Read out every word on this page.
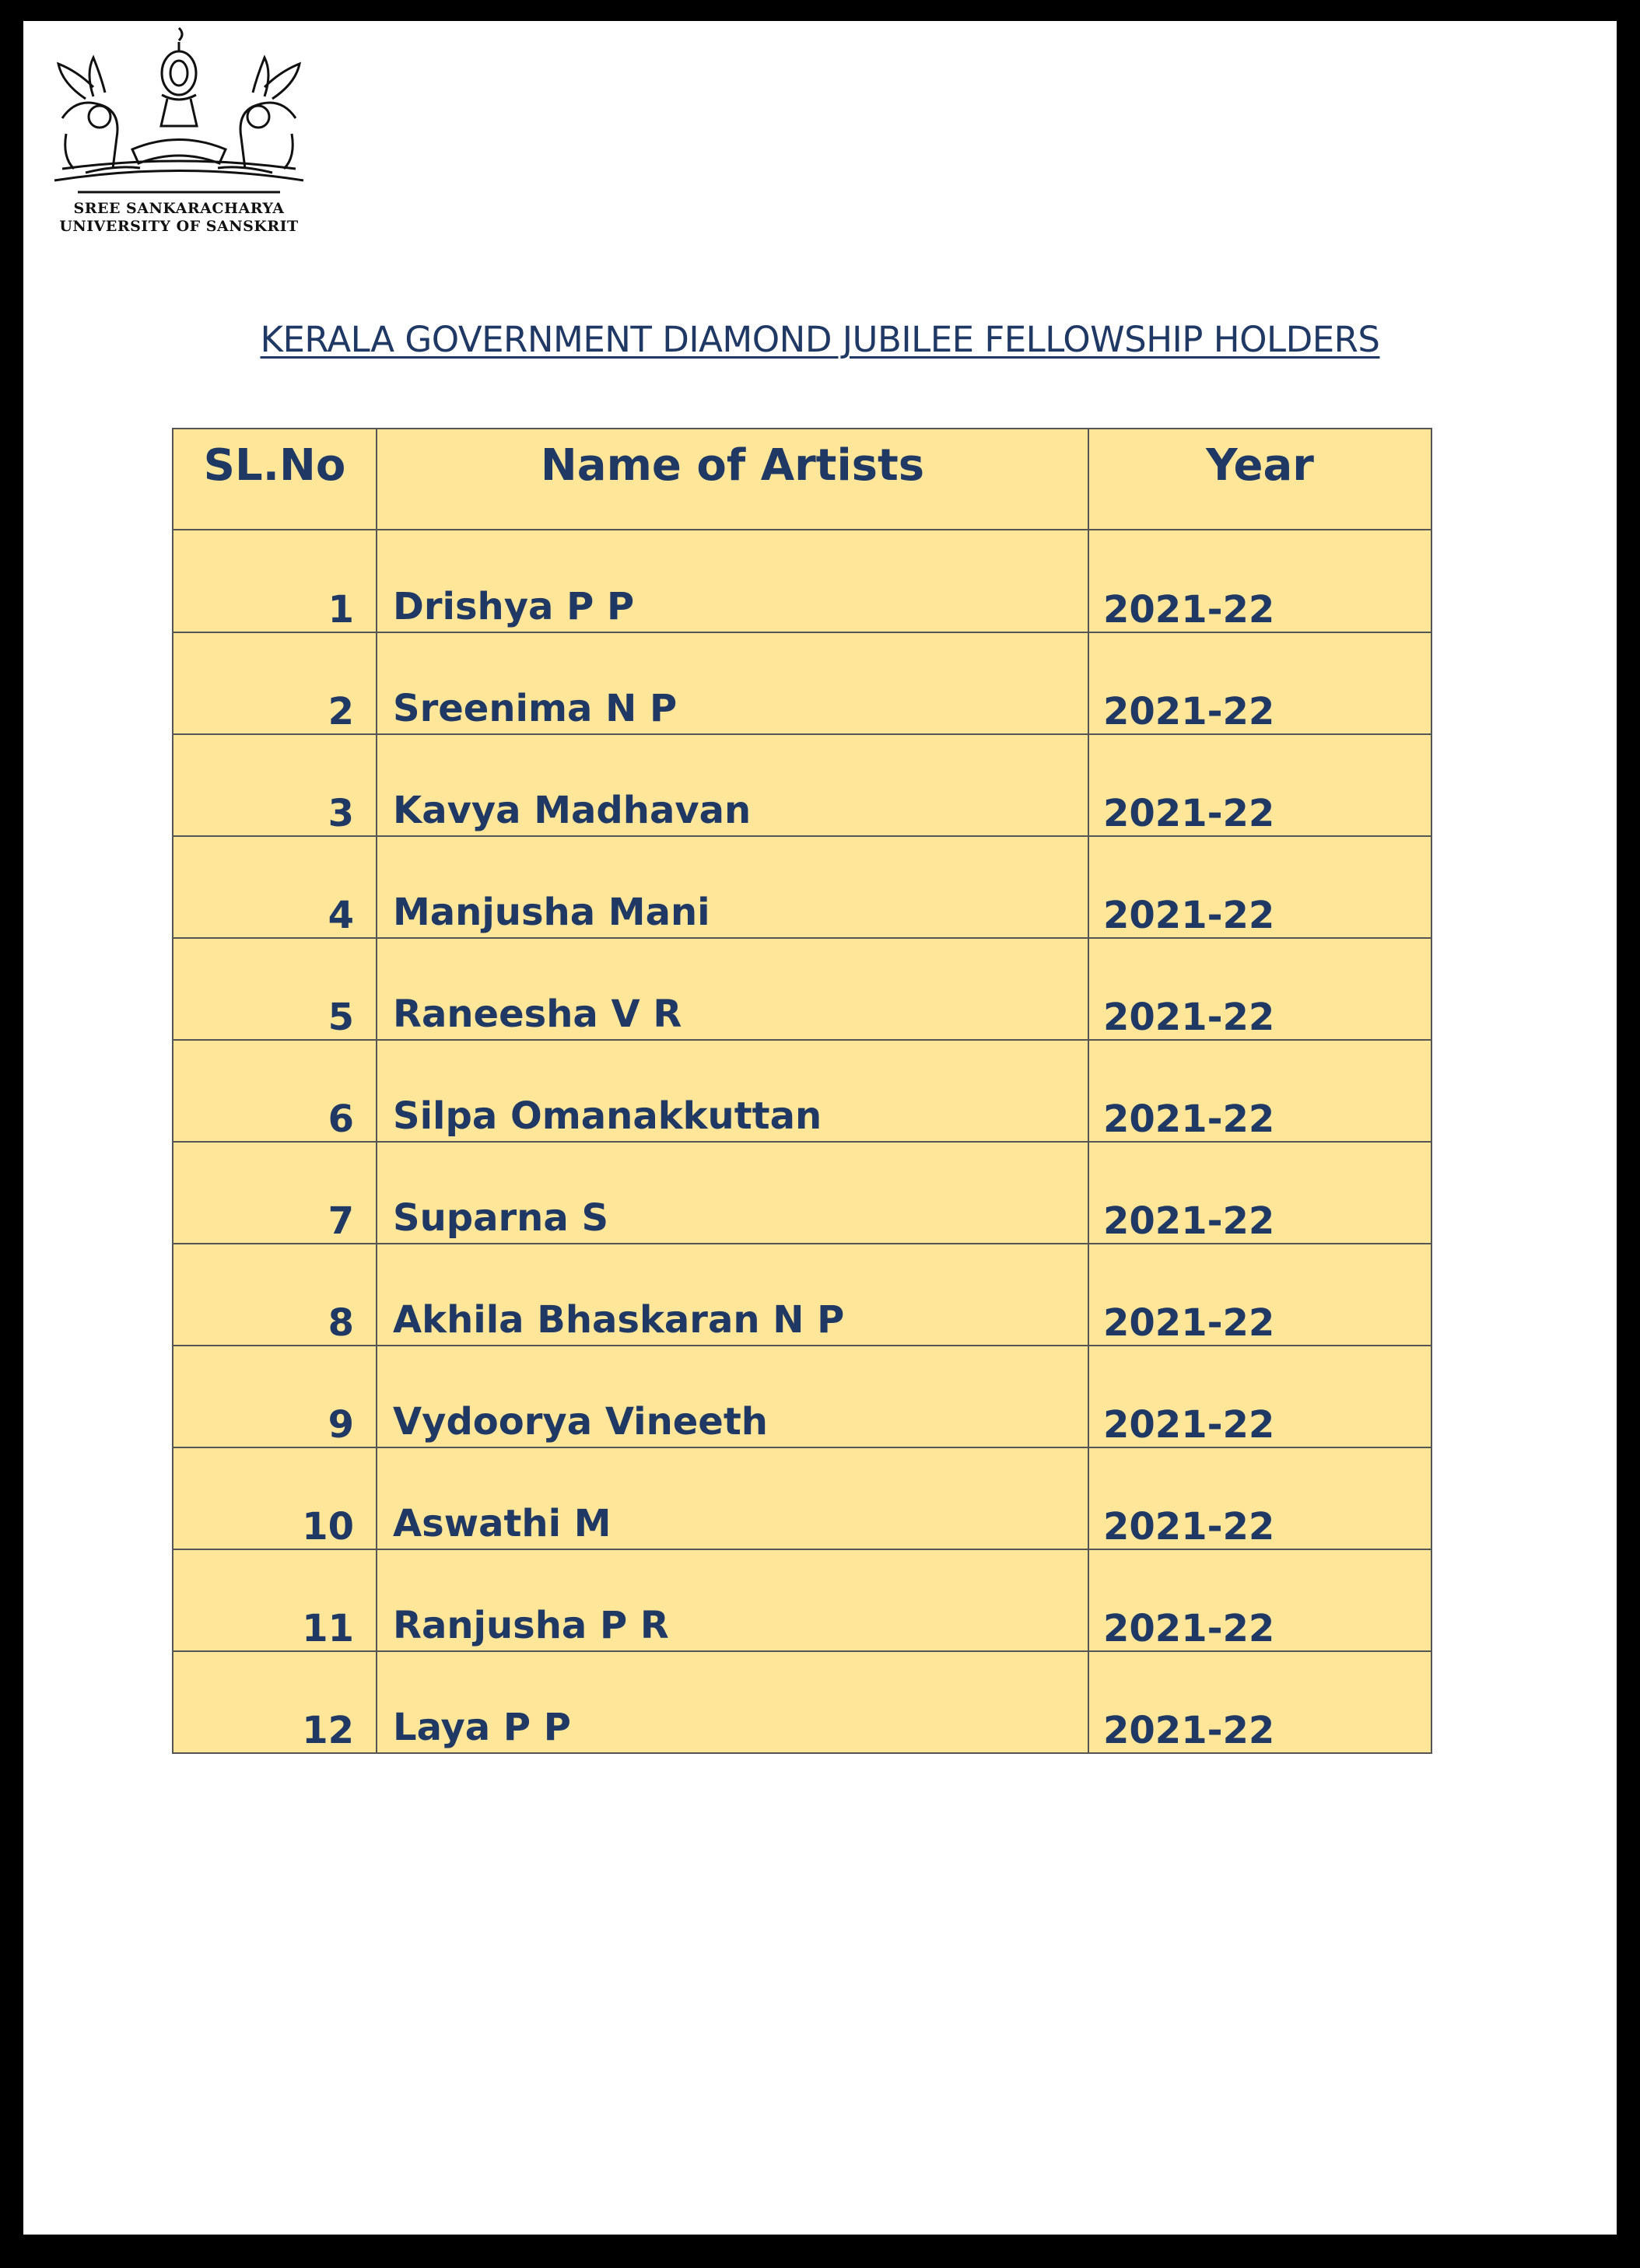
SREE SANKARACHARYA
UNIVERSITY OF SANSKRIT
KERALA GOVERNMENT DIAMOND JUBILEE FELLOWSHIP HOLDERS
SL.No	Name of Artists	Year
1	Drishya P P	2021-22
2	Sreenima N P	2021-22
3	Kavya Madhavan	2021-22
4	Manjusha Mani	2021-22
5	Raneesha V R	2021-22
6	Silpa Omanakkuttan	2021-22
7	Suparna S	2021-22
8	Akhila Bhaskaran N P	2021-22
9	Vydoorya Vineeth	2021-22
10	Aswathi M	2021-22
11	Ranjusha P R	2021-22
12	Laya P P	2021-22
